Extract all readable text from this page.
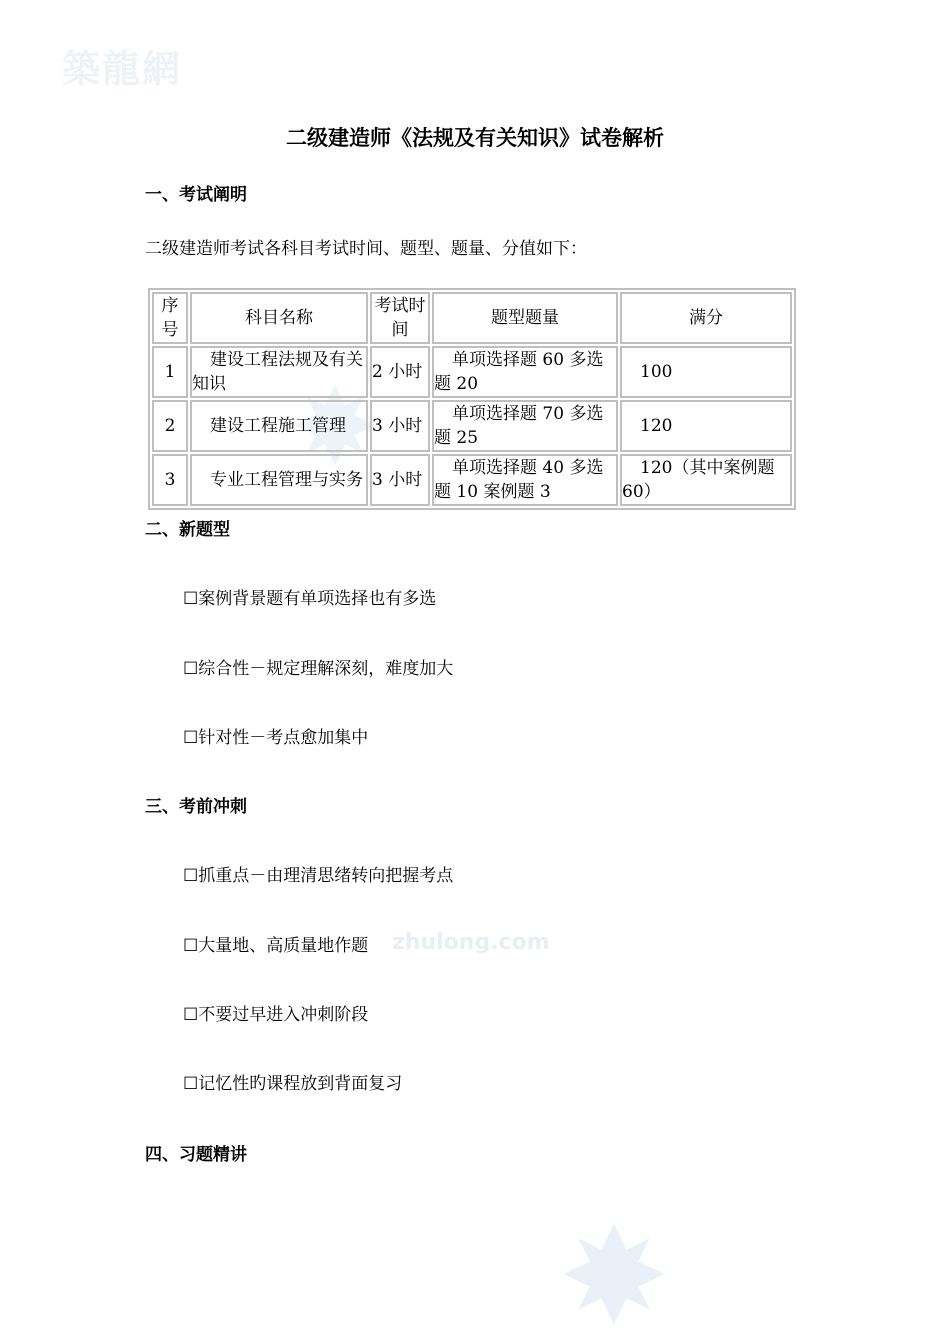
築龍網
zhulong.com
二级建造师《法规及有关知识》试卷解析
一、考试阐明
二级建造师考试各科目考试时间、题型、题量、分值如下：
序号	科目名称	考试时间	题型题量	满分
1	建设工程法规及有关知识	2 小时	单项选择题 60 多选题 20	100
2	建设工程施工管理	3 小时	单项选择题 70 多选题 25	120
3	专业工程管理与实务	3 小时	单项选择题 40 多选题 10 案例题 3	120（其中案例题 60）
二、新题型
☐案例背景题有单项选择也有多选
☐综合性－规定理解深刻，难度加大
☐针对性－考点愈加集中
三、考前冲刺
☐抓重点－由理清思绪转向把握考点
☐大量地、高质量地作题
☐不要过早进入冲刺阶段
☐记忆性旳课程放到背面复习
四、习题精讲
